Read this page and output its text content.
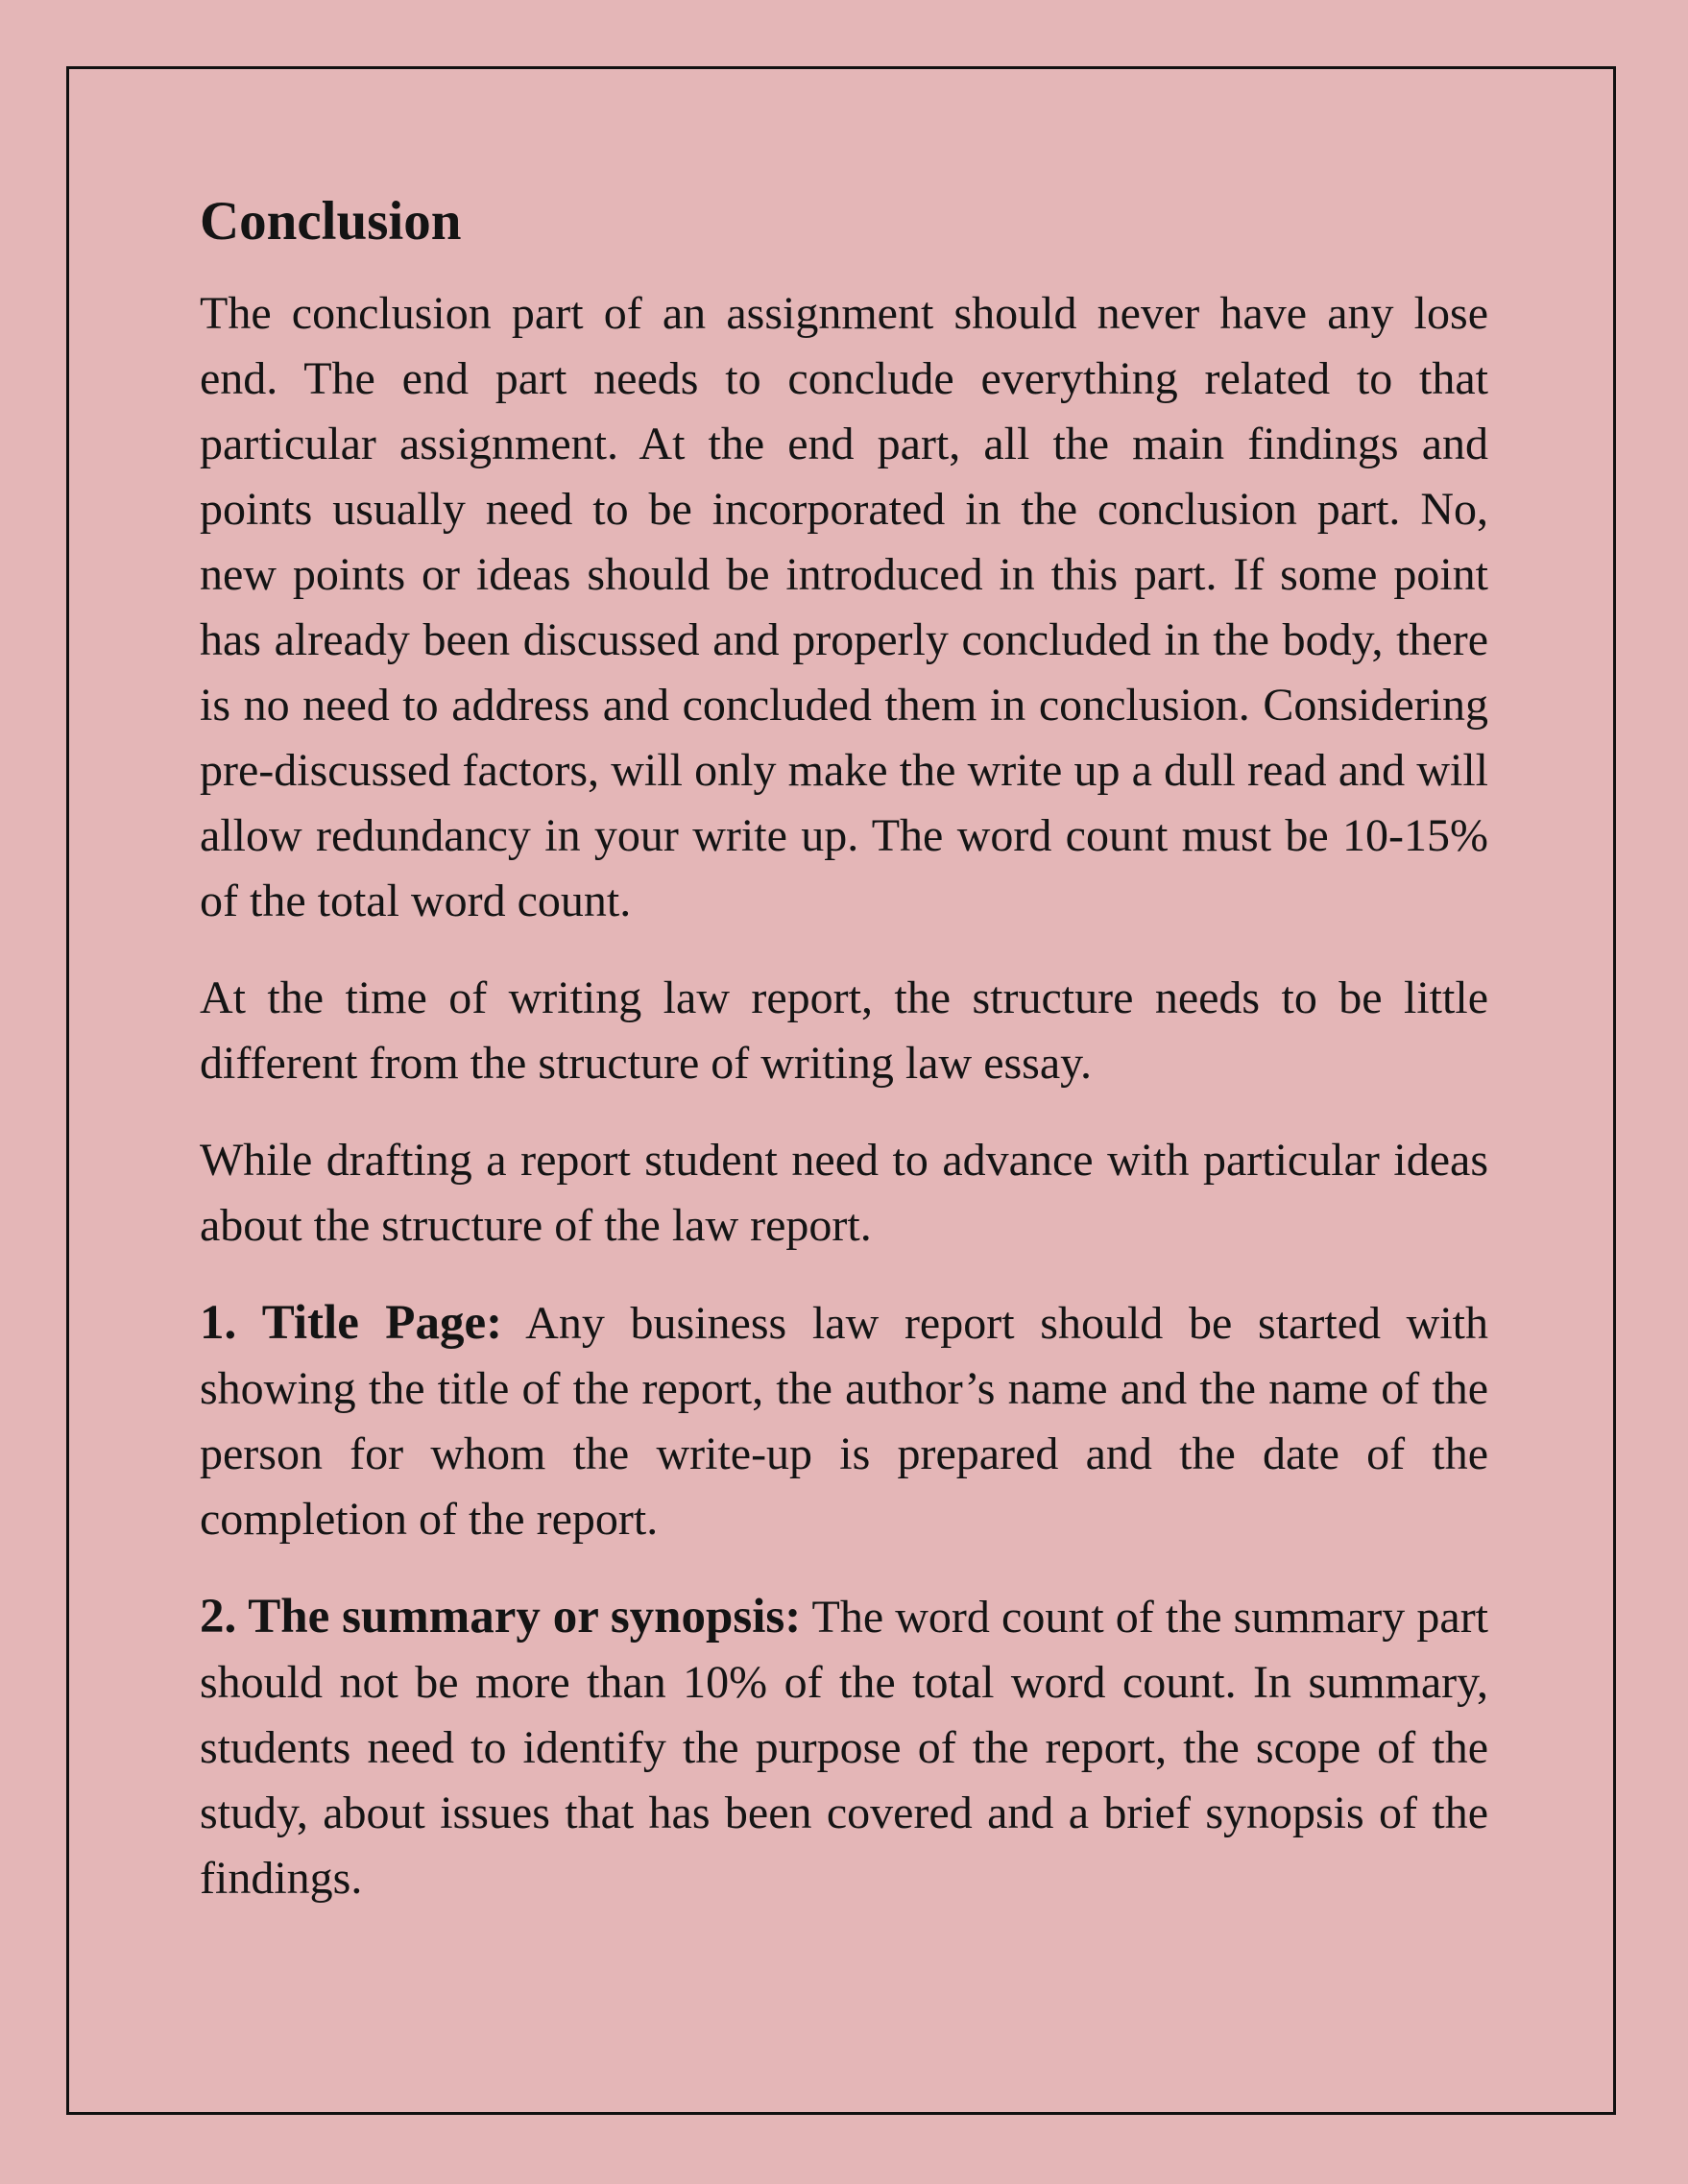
Conclusion

The conclusion part of an assignment should never have any lose end. The end part needs to conclude everything related to that particular assignment. At the end part, all the main findings and points usually need to be incorporated in the conclusion part. No, new points or ideas should be introduced in this part. If some point has already been discussed and properly concluded in the body, there is no need to address and concluded them in conclusion. Considering pre-discussed factors, will only make the write up a dull read and will allow redundancy in your write up. The word count must be 10-15% of the total word count.

At the time of writing law report, the structure needs to be little different from the structure of writing law essay.

While drafting a report student need to advance with particular ideas about the structure of the law report.

1. Title Page: Any business law report should be started with showing the title of the report, the author’s name and the name of the person for whom the write-up is prepared and the date of the completion of the report.

2. The summary or synopsis: The word count of the summary part should not be more than 10% of the total word count. In summary, students need to identify the purpose of the report, the scope of the study, about issues that has been covered and a brief synopsis of the findings.
